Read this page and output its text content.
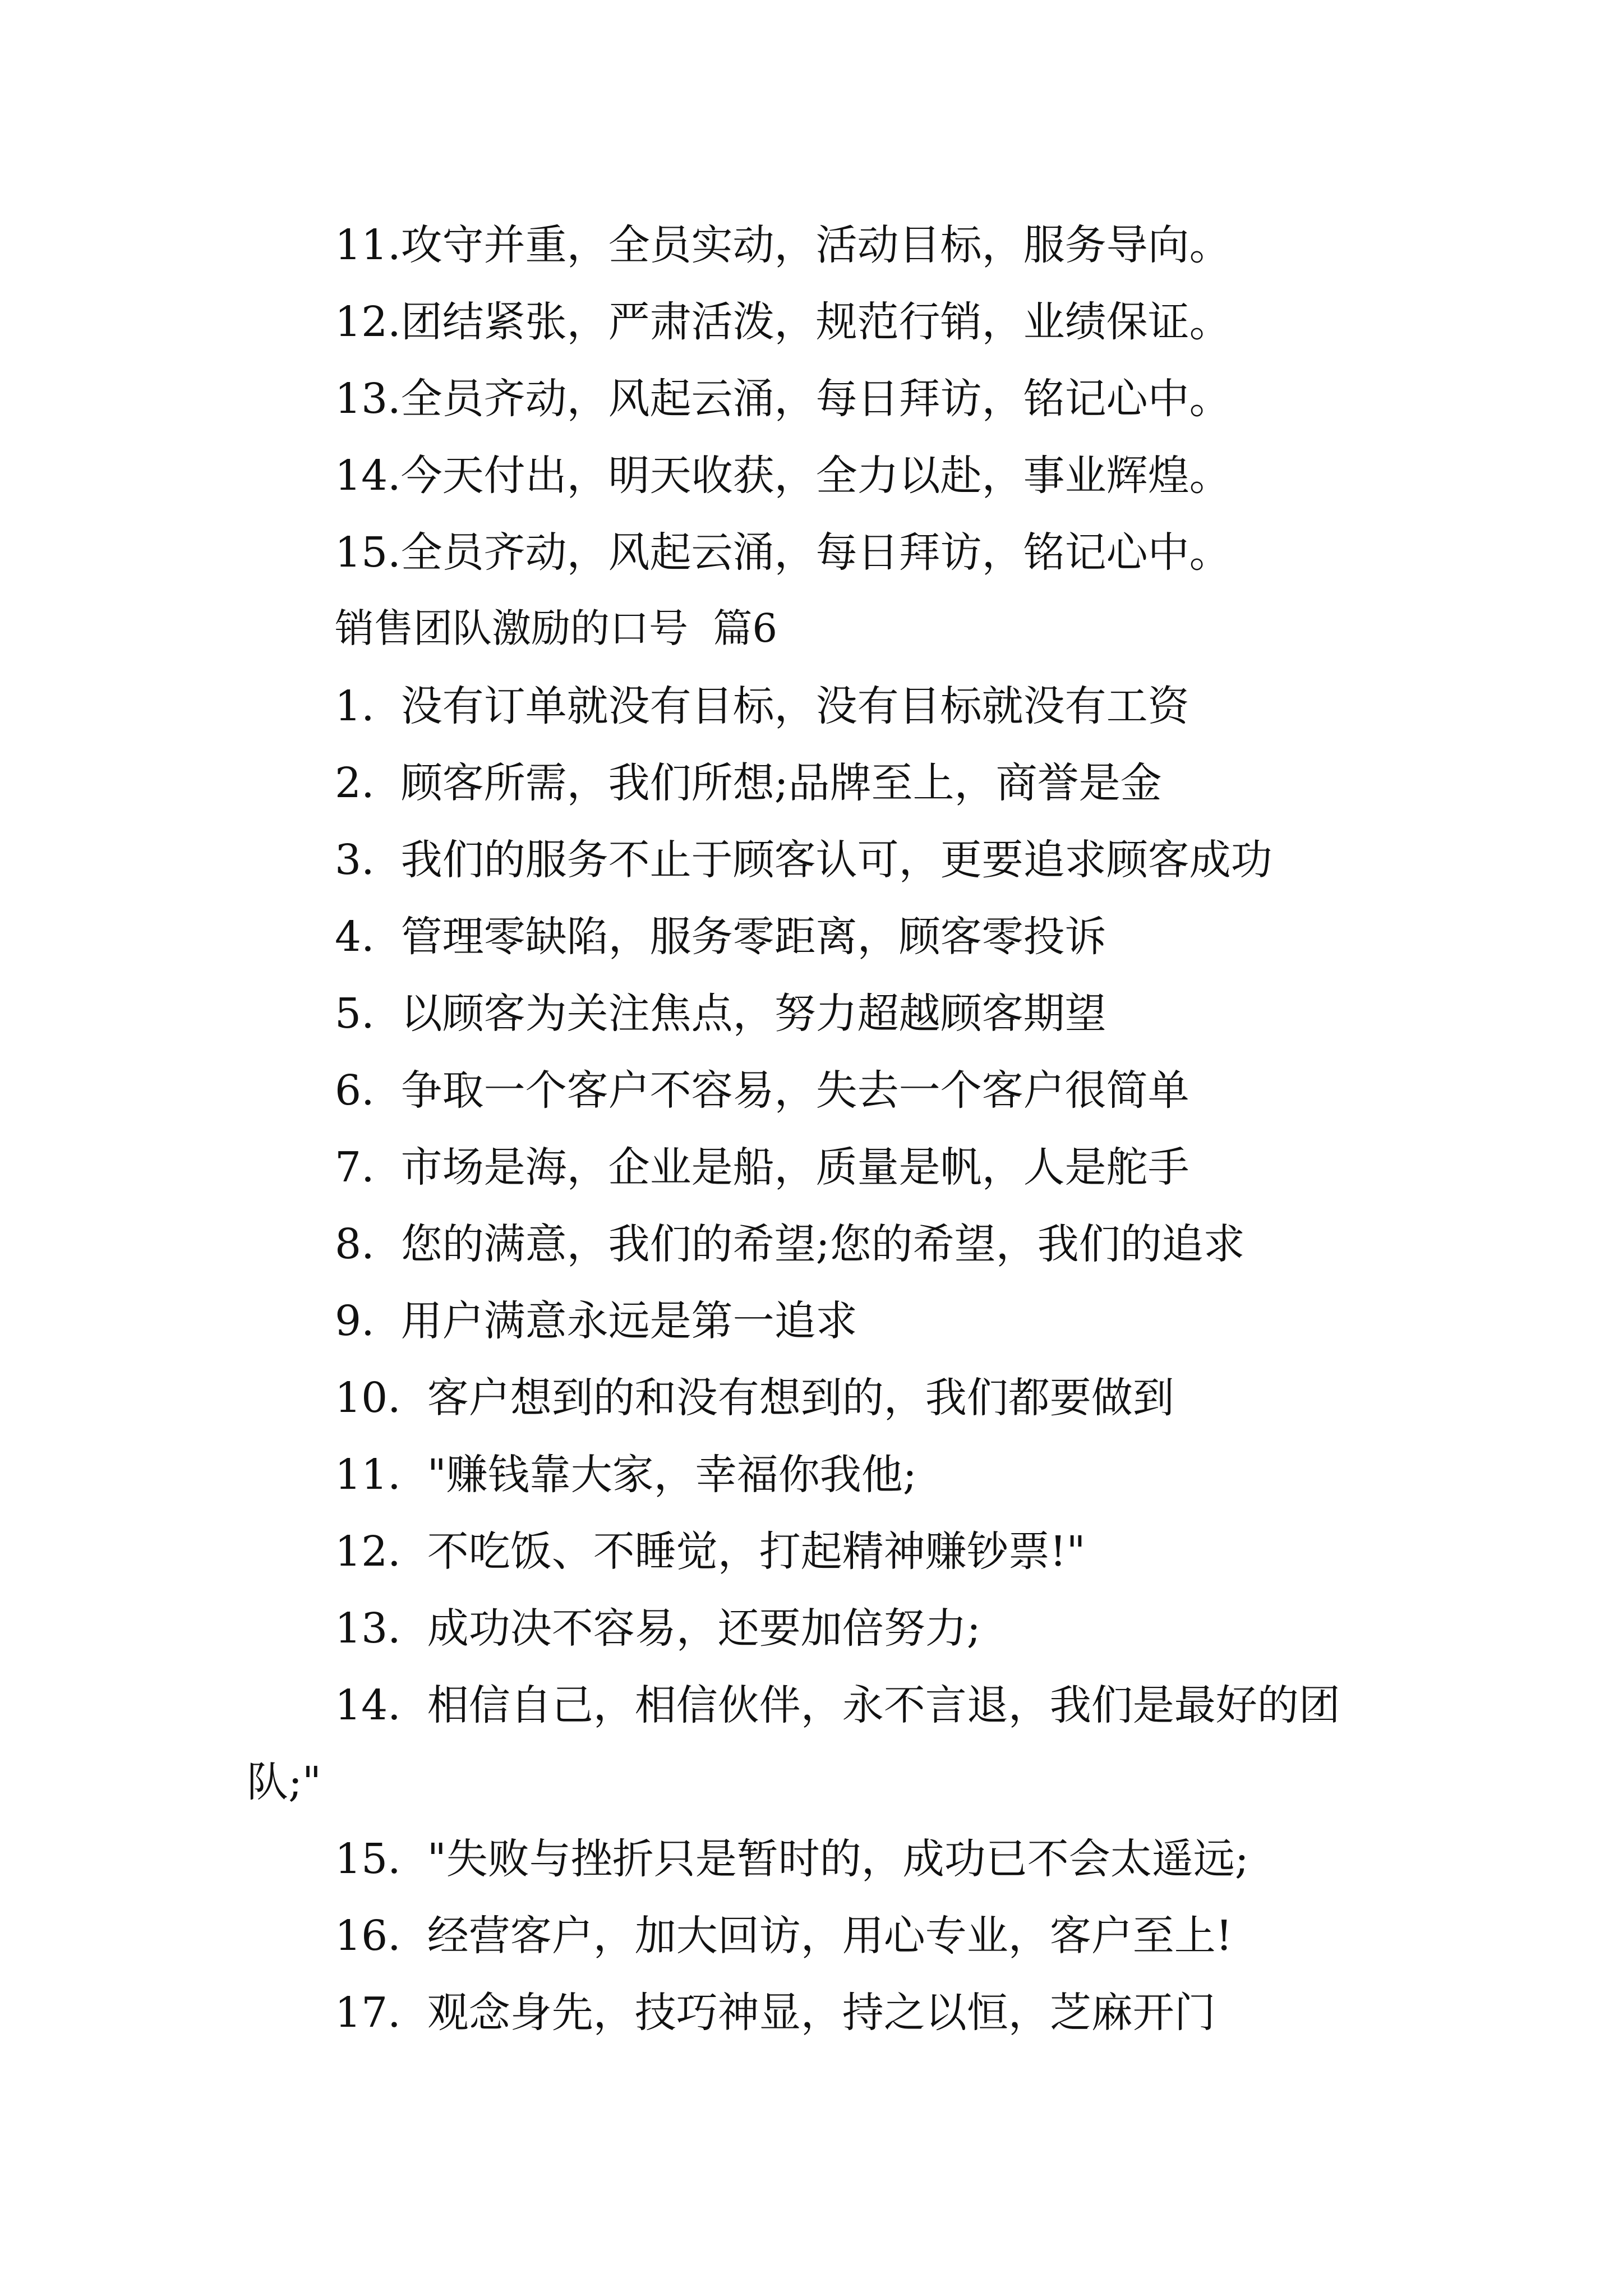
11.攻守并重，全员实动，活动目标，服务导向。
12.团结紧张，严肃活泼，规范行销，业绩保证。
13.全员齐动，风起云涌，每日拜访，铭记心中。
14.今天付出，明天收获，全力以赴，事业辉煌。
15.全员齐动，风起云涌，每日拜访，铭记心中。
销售团队激励的口号  篇6
1.  没有订单就没有目标，没有目标就没有工资
2.  顾客所需，我们所想;品牌至上，商誉是金
3.  我们的服务不止于顾客认可，更要追求顾客成功
4.  管理零缺陷，服务零距离，顾客零投诉
5.  以顾客为关注焦点，努力超越顾客期望
6.  争取一个客户不容易，失去一个客户很简单
7.  市场是海，企业是船，质量是帆，人是舵手
8.  您的满意，我们的希望;您的希望，我们的追求
9.  用户满意永远是第一追求
10.  客户想到的和没有想到的，我们都要做到
11.  "赚钱靠大家，幸福你我他;
12.  不吃饭、不睡觉，打起精神赚钞票!"
13.  成功决不容易，还要加倍努力;
14.  相信自己，相信伙伴，永不言退，我们是最好的团
队;"
15.  "失败与挫折只是暂时的，成功已不会太遥远;
16.  经营客户，加大回访，用心专业，客户至上!
17.  观念身先，技巧神显，持之以恒，芝麻开门
